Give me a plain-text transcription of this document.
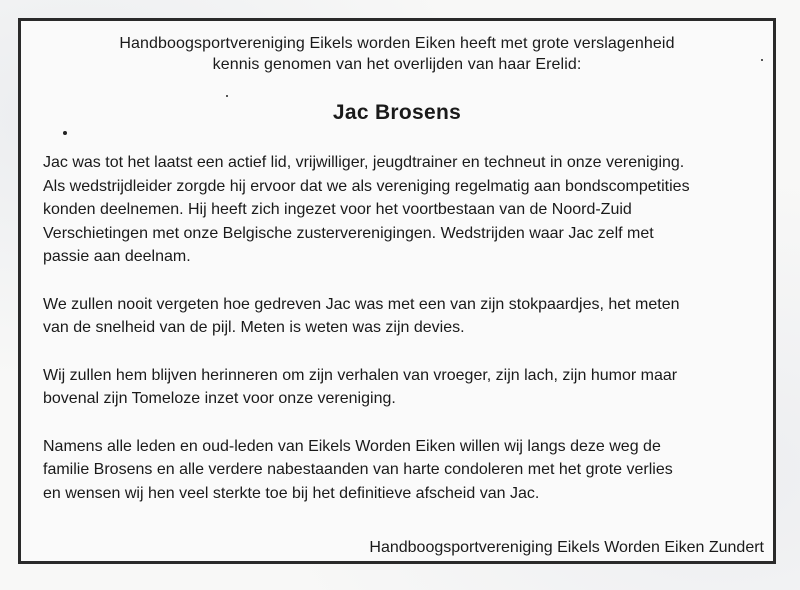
Handboogsportvereniging Eikels worden Eiken heeft met grote verslagenheid
kennis genomen van het overlijden van haar Erelid:
Jac Brosens
Jac was tot het laatst een actief lid, vrijwilliger, jeugdtrainer en techneut in onze vereniging.
Als wedstrijdleider zorgde hij ervoor dat we als vereniging regelmatig aan bondscompetities
konden deelnemen. Hij heeft zich ingezet voor het voortbestaan van de Noord-Zuid
Verschietingen met onze Belgische zusterverenigingen. Wedstrijden waar Jac zelf met
passie aan deelnam.
We zullen nooit vergeten hoe gedreven Jac was met een van zijn stokpaardjes, het meten
van de snelheid van de pijl. Meten is weten was zijn devies.
Wij zullen hem blijven herinneren om zijn verhalen van vroeger, zijn lach, zijn humor maar
bovenal zijn Tomeloze inzet voor onze vereniging.
Namens alle leden en oud-leden van Eikels Worden Eiken willen wij langs deze weg de
familie Brosens en alle verdere nabestaanden van harte condoleren met het grote verlies
en wensen wij hen veel sterkte toe bij het definitieve afscheid van Jac.
Handboogsportvereniging Eikels Worden Eiken Zundert
